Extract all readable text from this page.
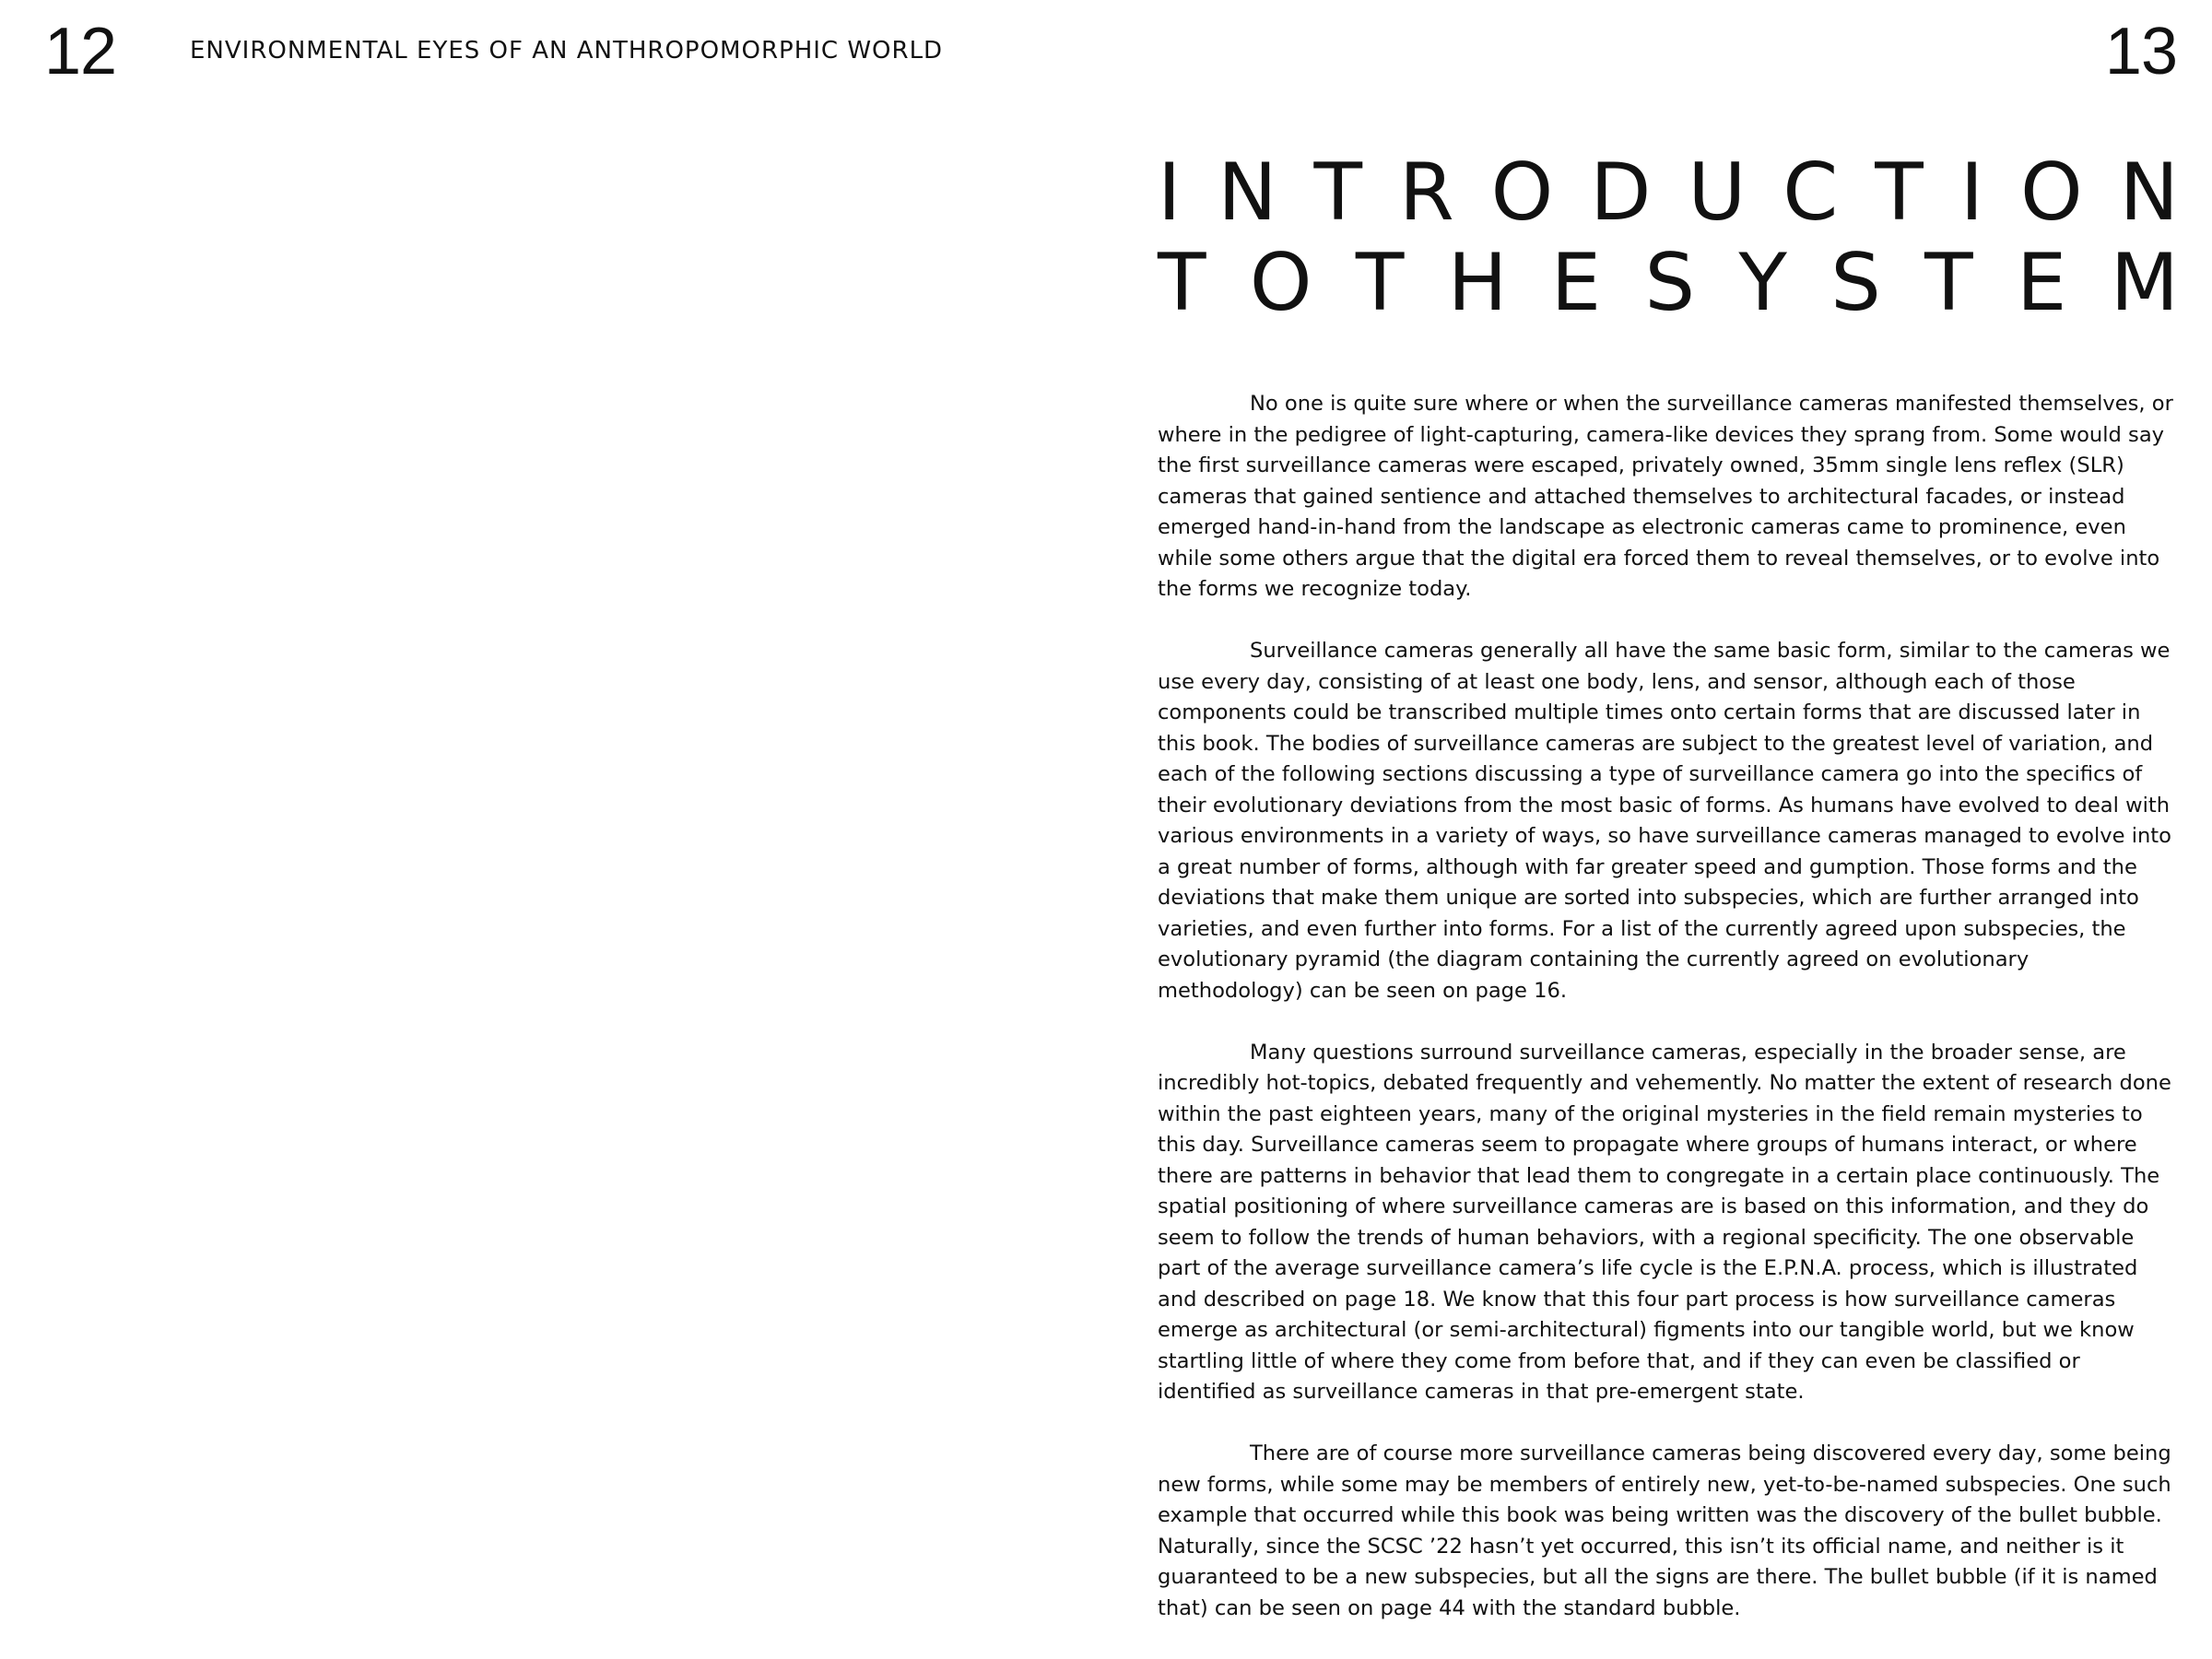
12	ENVIRONMENTAL EYES OF AN ANTHROPOMORPHIC WORLD	13
I N T R O D U C T I O N
T O T H E S Y S T E M

No one is quite sure where or when the surveillance cameras manifested themselves, or where in the pedigree of light-capturing, camera-like devices they sprang from. Some would say the first surveillance cameras were escaped, privately owned, 35mm single lens reflex (SLR) cameras that gained sentience and attached themselves to architectural facades, or instead emerged hand-in-hand from the landscape as electronic cameras came to prominence, even while some others argue that the digital era forced them to reveal themselves, or to evolve into the forms we recognize today.

Surveillance cameras generally all have the same basic form, similar to the cameras we use every day, consisting of at least one body, lens, and sensor, although each of those components could be transcribed multiple times onto certain forms that are discussed later in this book. The bodies of surveillance cameras are subject to the greatest level of variation, and each of the following sections discussing a type of surveillance camera go into the specifics of their evolutionary deviations from the most basic of forms. As humans have evolved to deal with various environments in a variety of ways, so have surveillance cameras managed to evolve into a great number of forms, although with far greater speed and gumption. Those forms and the deviations that make them unique are sorted into subspecies, which are further arranged into varieties, and even further into forms. For a list of the currently agreed upon subspecies, the evolutionary pyramid (the diagram containing the currently agreed on evolutionary methodology) can be seen on page 16.

Many questions surround surveillance cameras, especially in the broader sense, are incredibly hot-topics, debated frequently and vehemently. No matter the extent of research done within the past eighteen years, many of the original mysteries in the field remain mysteries to this day. Surveillance cameras seem to propagate where groups of humans interact, or where there are patterns in behavior that lead them to congregate in a certain place continuously. The spatial positioning of where surveillance cameras are is based on this information, and they do seem to follow the trends of human behaviors, with a regional specificity. The one observable part of the average surveillance camera’s life cycle is the E.P.N.A. process, which is illustrated and described on page 18. We know that this four part process is how surveillance cameras emerge as architectural (or semi-architectural) figments into our tangible world, but we know startling little of where they come from before that, and if they can even be classified or identified as surveillance cameras in that pre-emergent state.

There are of course more surveillance cameras being discovered every day, some being new forms, while some may be members of entirely new, yet-to-be-named subspecies. One such example that occurred while this book was being written was the discovery of the bullet bubble. Naturally, since the SCSC ’22 hasn’t yet occurred, this isn’t its official name, and neither is it guaranteed to be a new subspecies, but all the signs are there. The bullet bubble (if it is named that) can be seen on page 44 with the standard bubble.
